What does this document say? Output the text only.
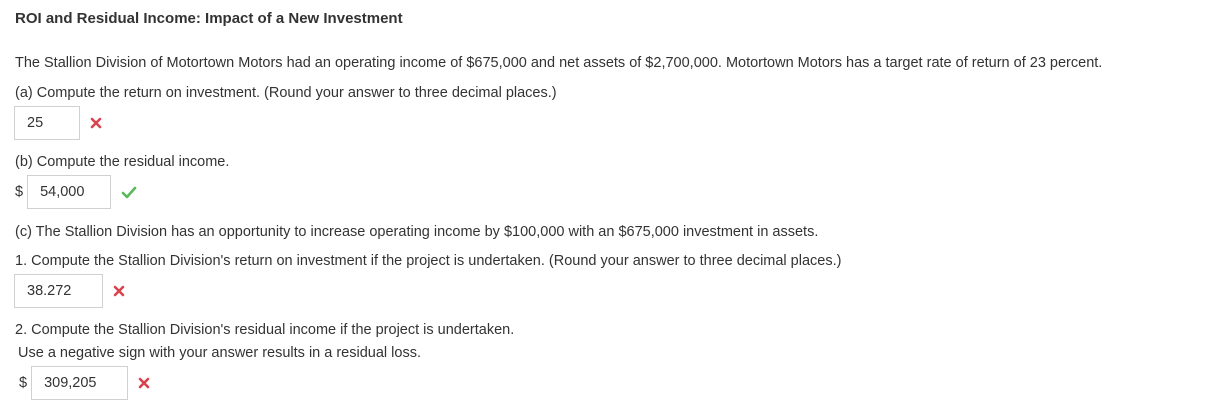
ROI and Residual Income: Impact of a New Investment
The Stallion Division of Motortown Motors had an operating income of $675,000 and net assets of $2,700,000. Motortown Motors has a target rate of return of 23 percent.
(a) Compute the return on investment. (Round your answer to three decimal places.)
25
(b) Compute the residual income.
$	54,000
(c) The Stallion Division has an opportunity to increase operating income by $100,000 with an $675,000 investment in assets.
1. Compute the Stallion Division's return on investment if the project is undertaken. (Round your answer to three decimal places.)
38.272
2. Compute the Stallion Division's residual income if the project is undertaken.
Use a negative sign with your answer results in a residual loss.
$	309,205
